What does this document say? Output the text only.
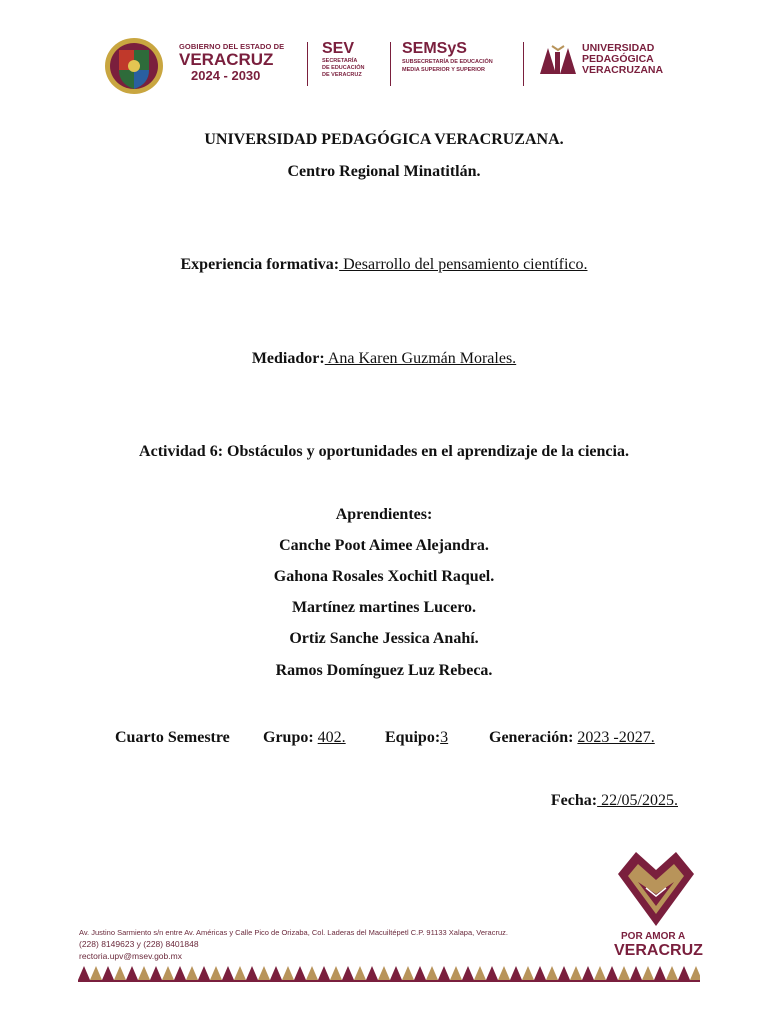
GOBIERNO DEL ESTADO DE
VERACRUZ
2024 - 2030
SEV
SECRETARÍA
DE EDUCACIÓN
DE VERACRUZ
SEMSyS
SUBSECRETARÍA DE EDUCACIÓN
MEDIA SUPERIOR Y SUPERIOR
UNIVERSIDAD
PEDAGÓGICA
VERACRUZANA
UNIVERSIDAD PEDAGÓGICA VERACRUZANA.
Centro Regional Minatitlán.
Experiencia formativa: Desarrollo del pensamiento científico.
Mediador: Ana Karen Guzmán Morales.
Actividad 6: Obstáculos y oportunidades en el aprendizaje de la ciencia.
Aprendientes:
Canche Poot Aimee Alejandra.
Gahona Rosales Xochitl Raquel.
Martínez martines Lucero.
Ortiz Sanche Jessica Anahí.
Ramos Domínguez Luz Rebeca.
Cuarto Semestre Grupo: 402. Equipo:3	Generación: 2023 -2027.
Fecha: 22/05/2025.
POR AMOR A
VERACRUZ
Av. Justino Sarmiento s/n entre Av. Américas y Calle Pico de Orizaba, Col. Laderas del Macuiltépetl C.P. 91133 Xalapa, Veracruz.
(228) 8149623 y (228) 8401848
rectoria.upv@msev.gob.mx
